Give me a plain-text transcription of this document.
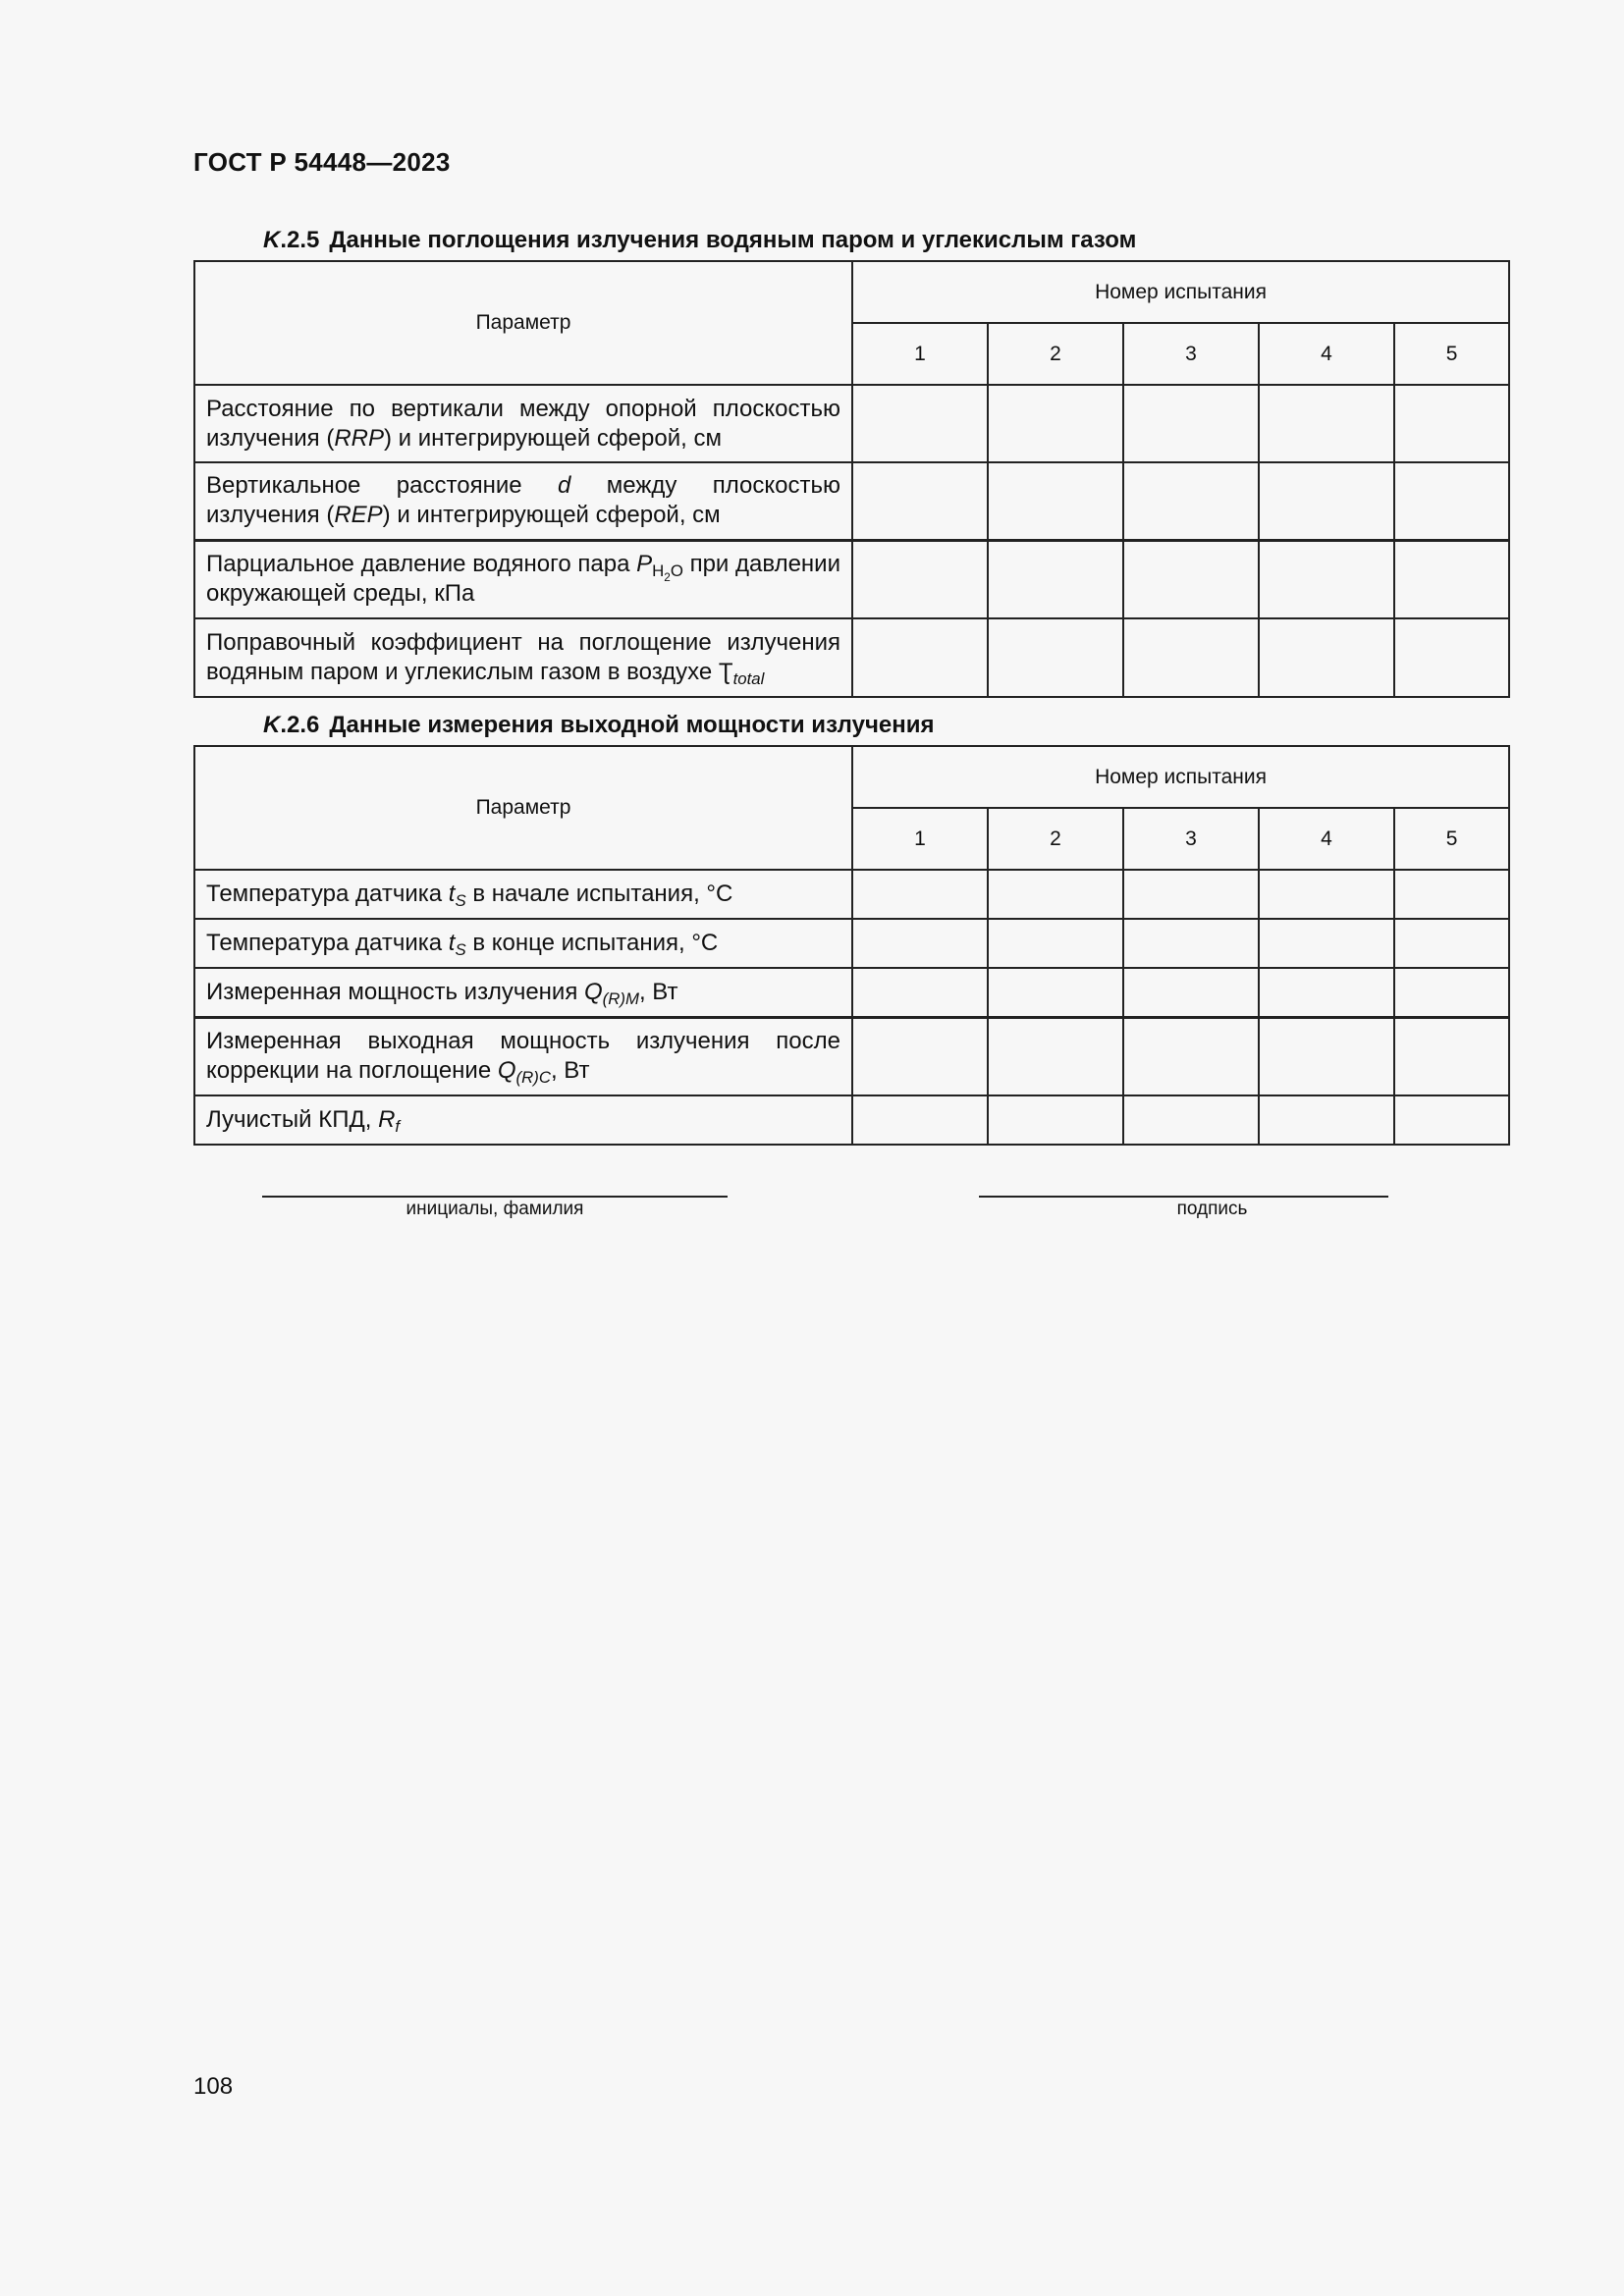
ГОСТ Р 54448—2023
K.2.5 Данные поглощения излучения водяным паром и углекислым газом
Параметр	Номер испытания				
	1	2	3	4	5
Расстояние по вертикали между опорной плоскостью излучения (RRP) и интегрирующей сферой, см					
Вертикальное расстояние d между плоскостью излучения (REP) и интегрирующей сферой, см					
Парциальное давление водяного пара $P_{H_2O}$ при давлении окружающей среды, кПа					
Поправочный коэффициент на поглощение излучения водяным паром и углекислым газом в воздухе $Ʈ_{total}$					
K.2.6 Данные измерения выходной мощности излучения
Параметр	Номер испытания				
	1	2	3	4	5
Температура датчика $t_S$ в начале испытания, °С					
Температура датчика $t_S$ в конце испытания, °С					
Измеренная мощность излучения $Q_{(R)M}$, Вт					
Измеренная выходная мощность излучения после коррекции на поглощение $Q_{(R)C}$, Вт					
Лучистый КПД, $R_f$					
инициалы, фамилия	подпись
108
